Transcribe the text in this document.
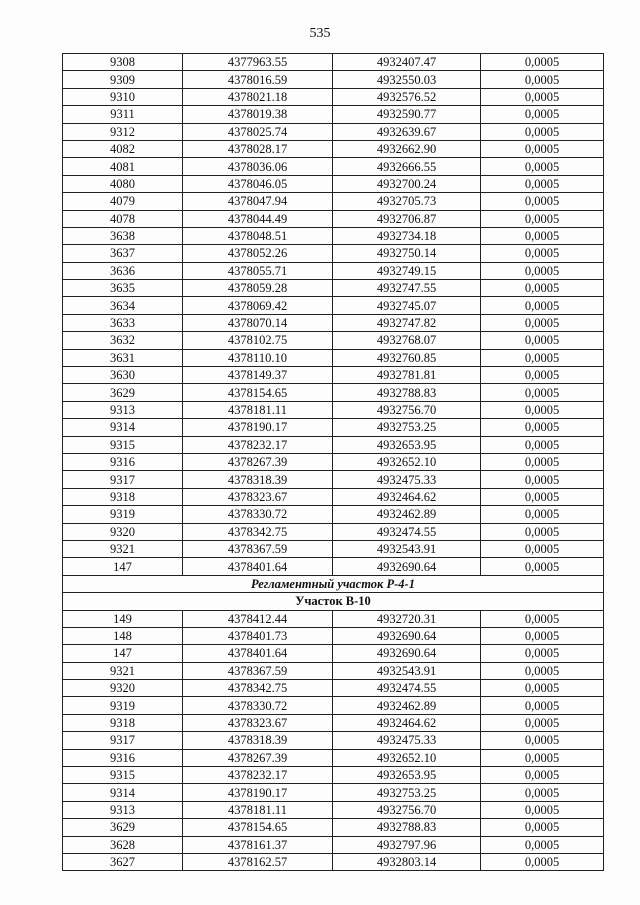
535
9308	4377963.55	4932407.47	0,0005
9309	4378016.59	4932550.03	0,0005
9310	4378021.18	4932576.52	0,0005
9311	4378019.38	4932590.77	0,0005
9312	4378025.74	4932639.67	0,0005
4082	4378028.17	4932662.90	0,0005
4081	4378036.06	4932666.55	0,0005
4080	4378046.05	4932700.24	0,0005
4079	4378047.94	4932705.73	0,0005
4078	4378044.49	4932706.87	0,0005
3638	4378048.51	4932734.18	0,0005
3637	4378052.26	4932750.14	0,0005
3636	4378055.71	4932749.15	0,0005
3635	4378059.28	4932747.55	0,0005
3634	4378069.42	4932745.07	0,0005
3633	4378070.14	4932747.82	0,0005
3632	4378102.75	4932768.07	0,0005
3631	4378110.10	4932760.85	0,0005
3630	4378149.37	4932781.81	0,0005
3629	4378154.65	4932788.83	0,0005
9313	4378181.11	4932756.70	0,0005
9314	4378190.17	4932753.25	0,0005
9315	4378232.17	4932653.95	0,0005
9316	4378267.39	4932652.10	0,0005
9317	4378318.39	4932475.33	0,0005
9318	4378323.67	4932464.62	0,0005
9319	4378330.72	4932462.89	0,0005
9320	4378342.75	4932474.55	0,0005
9321	4378367.59	4932543.91	0,0005
147	4378401.64	4932690.64	0,0005
Регламентный участок Р-4-1			
Участок В-10			
149	4378412.44	4932720.31	0,0005
148	4378401.73	4932690.64	0,0005
147	4378401.64	4932690.64	0,0005
9321	4378367.59	4932543.91	0,0005
9320	4378342.75	4932474.55	0,0005
9319	4378330.72	4932462.89	0,0005
9318	4378323.67	4932464.62	0,0005
9317	4378318.39	4932475.33	0,0005
9316	4378267.39	4932652.10	0,0005
9315	4378232.17	4932653.95	0,0005
9314	4378190.17	4932753.25	0,0005
9313	4378181.11	4932756.70	0,0005
3629	4378154.65	4932788.83	0,0005
3628	4378161.37	4932797.96	0,0005
3627	4378162.57	4932803.14	0,0005
